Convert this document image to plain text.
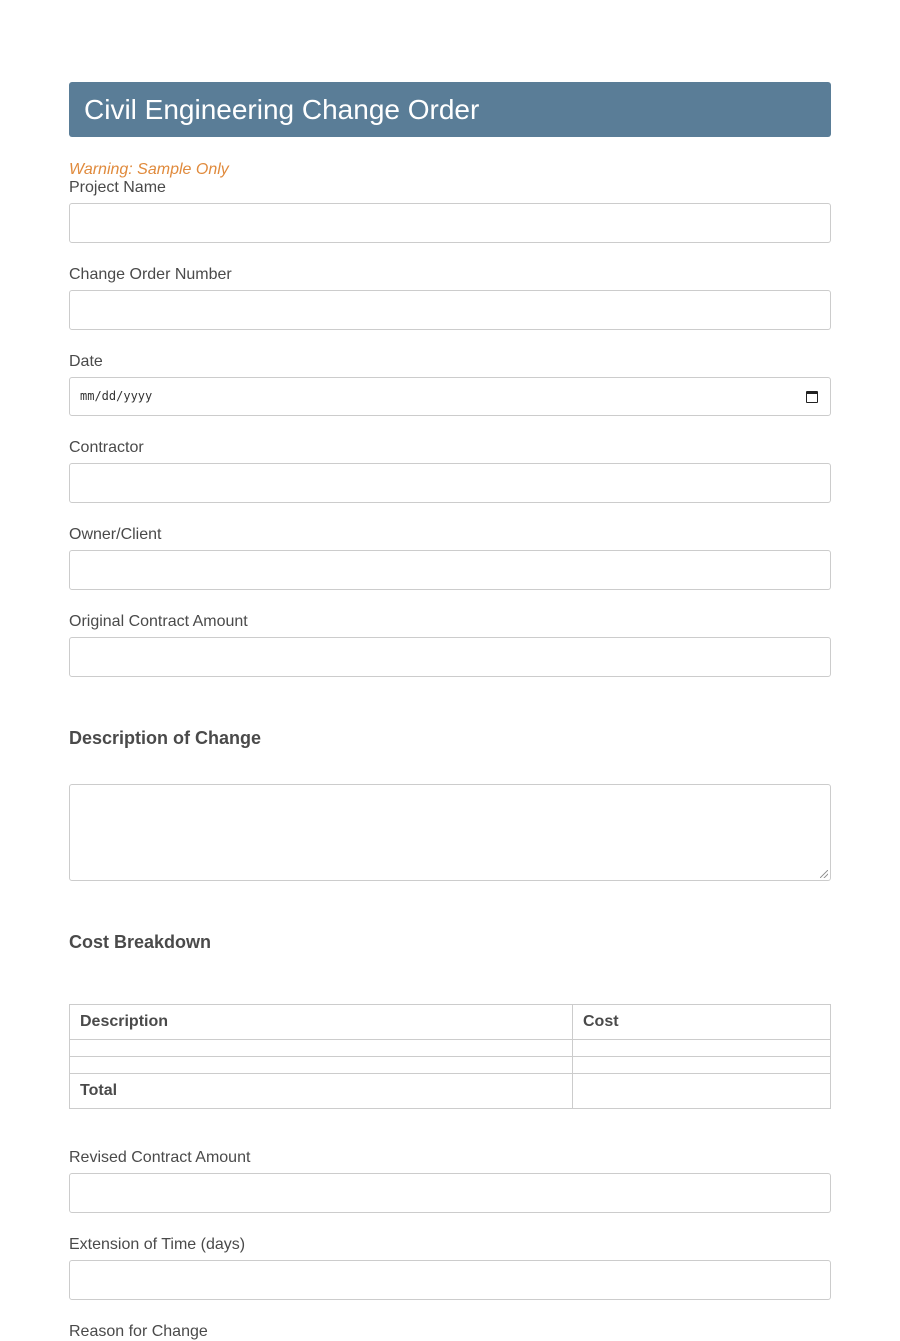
Civil Engineering Change Order
Warning: Sample Only
Project Name
Change Order Number
Date
mm/dd/yyyy
Contractor
Owner/Client
Original Contract Amount
Description of Change
Cost Breakdown
Description	Cost

Total	
Revised Contract Amount
Extension of Time (days)
Reason for Change
